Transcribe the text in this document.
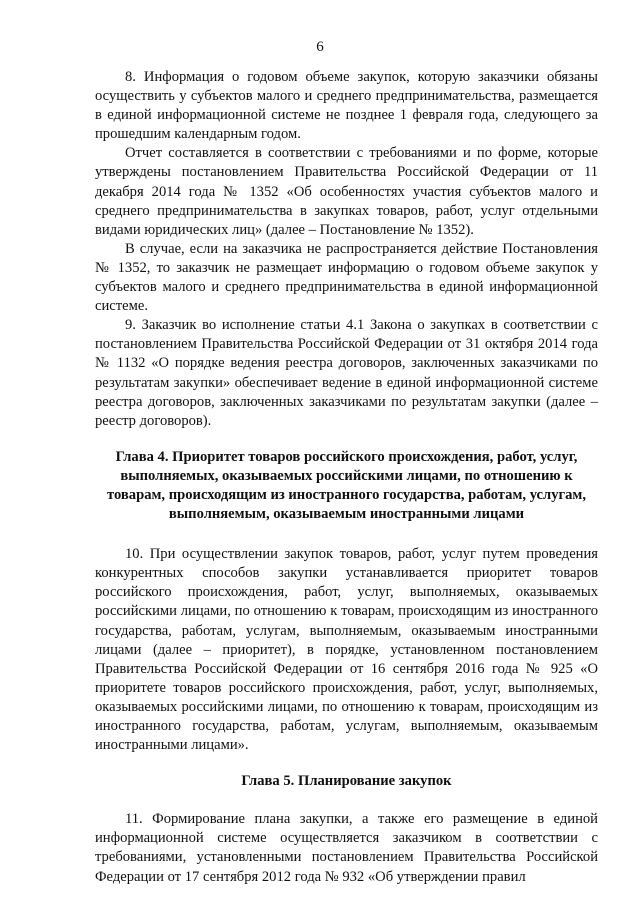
6

8. Информация о годовом объеме закупок, которую заказчики обязаны осуществить у субъектов малого и среднего предпринимательства, размещается в единой информационной системе не позднее 1 февраля года, следующего за прошедшим календарным годом.

Отчет составляется в соответствии с требованиями и по форме, которые утверждены постановлением Правительства Российской Федерации от 11 декабря 2014 года № 1352 «Об особенностях участия субъектов малого и среднего предпринимательства в закупках товаров, работ, услуг отдельными видами юридических лиц» (далее – Постановление № 1352).

В случае, если на заказчика не распространяется действие Постановления № 1352, то заказчик не размещает информацию о годовом объеме закупок у субъектов малого и среднего предпринимательства в единой информационной системе.

9. Заказчик во исполнение статьи 4.1 Закона о закупках в соответствии с постановлением Правительства Российской Федерации от 31 октября 2014 года № 1132 «О порядке ведения реестра договоров, заключенных заказчиками по результатам закупки» обеспечивает ведение в единой информационной системе реестра договоров, заключенных заказчиками по результатам закупки (далее – реестр договоров).

Глава 4. Приоритет товаров российского происхождения, работ, услуг,

выполняемых, оказываемых российскими лицами, по отношению к

товарам, происходящим из иностранного государства, работам, услугам,

выполняемым, оказываемым иностранными лицами

10. При осуществлении закупок товаров, работ, услуг путем проведения конкурентных способов закупки устанавливается приоритет товаров российского происхождения, работ, услуг, выполняемых, оказываемых российскими лицами, по отношению к товарам, происходящим из иностранного государства, работам, услугам, выполняемым, оказываемым иностранными лицами (далее – приоритет), в порядке, установленном постановлением Правительства Российской Федерации от 16 сентября 2016 года № 925 «О приоритете товаров российского происхождения, работ, услуг, выполняемых, оказываемых российскими лицами, по отношению к товарам, происходящим из иностранного государства, работам, услугам, выполняемым, оказываемым иностранными лицами».

Глава 5. Планирование закупок

11. Формирование плана закупки, а также его размещение в единой информационной системе осуществляется заказчиком в соответствии с требованиями, установленными постановлением Правительства Российской Федерации от 17 сентября 2012 года № 932 «Об утверждении правил
